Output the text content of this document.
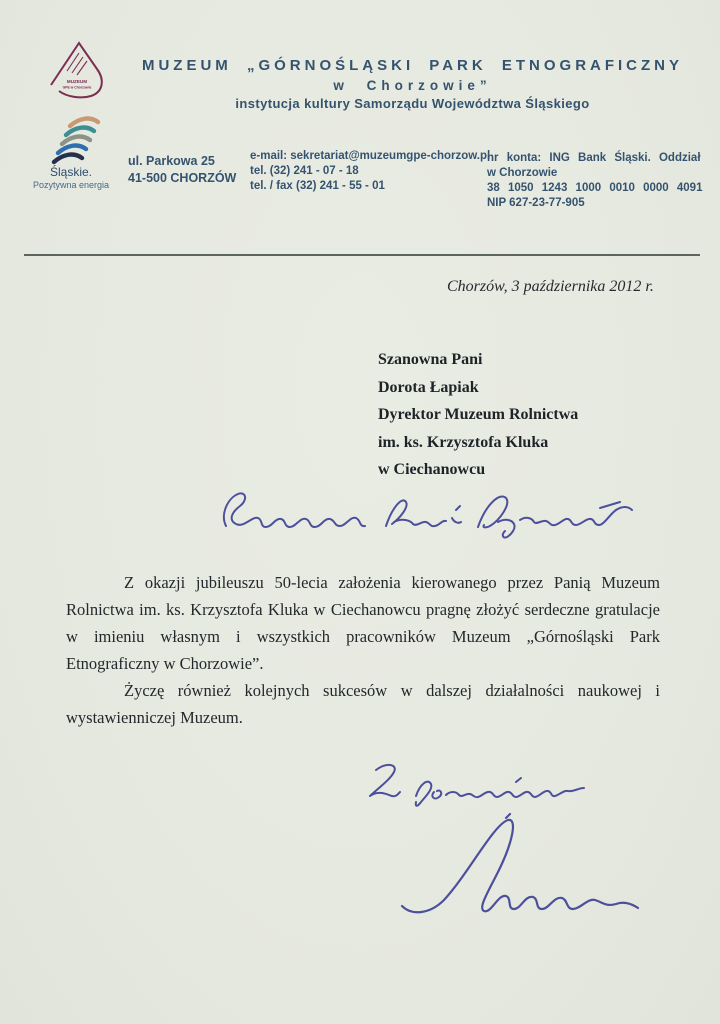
MUZEUM
GPE w Chorzowie
MUZEUM „GÓRNOŚLĄSKI PARK ETNOGRAFICZNY
w Chorzowie”
instytucja kultury Samorządu Województwa Śląskiego
Śląskie.
Pozytywna energia
ul. Parkowa 25
41-500 CHORZÓW
e-mail: sekretariat@muzeumgpe-chorzow.pl
tel. (32) 241 - 07 - 18
tel. / fax (32) 241 - 55 - 01
nr konta: ING Bank Śląski. Oddział
w Chorzowie
38 1050 1243 1000 0010 0000 4091
NIP 627-23-77-905
Chorzów, 3 października 2012 r.
Szanowna Pani
Dorota Łapiak
Dyrektor Muzeum Rolnictwa
im. ks. Krzysztofa Kluka
w Ciechanowcu

Z okazji jubileuszu 50-lecia założenia kierowanego przez Panią Muzeum Rolnictwa im. ks. Krzysztofa Kluka w Ciechanowcu pragnę złożyć serdeczne gratulacje w imieniu własnym i wszystkich pracowników Muzeum „Górnośląski Park Etnograficzny w Chorzowie”.

Życzę również kolejnych sukcesów w dalszej działalności naukowej i wystawienniczej Muzeum.
